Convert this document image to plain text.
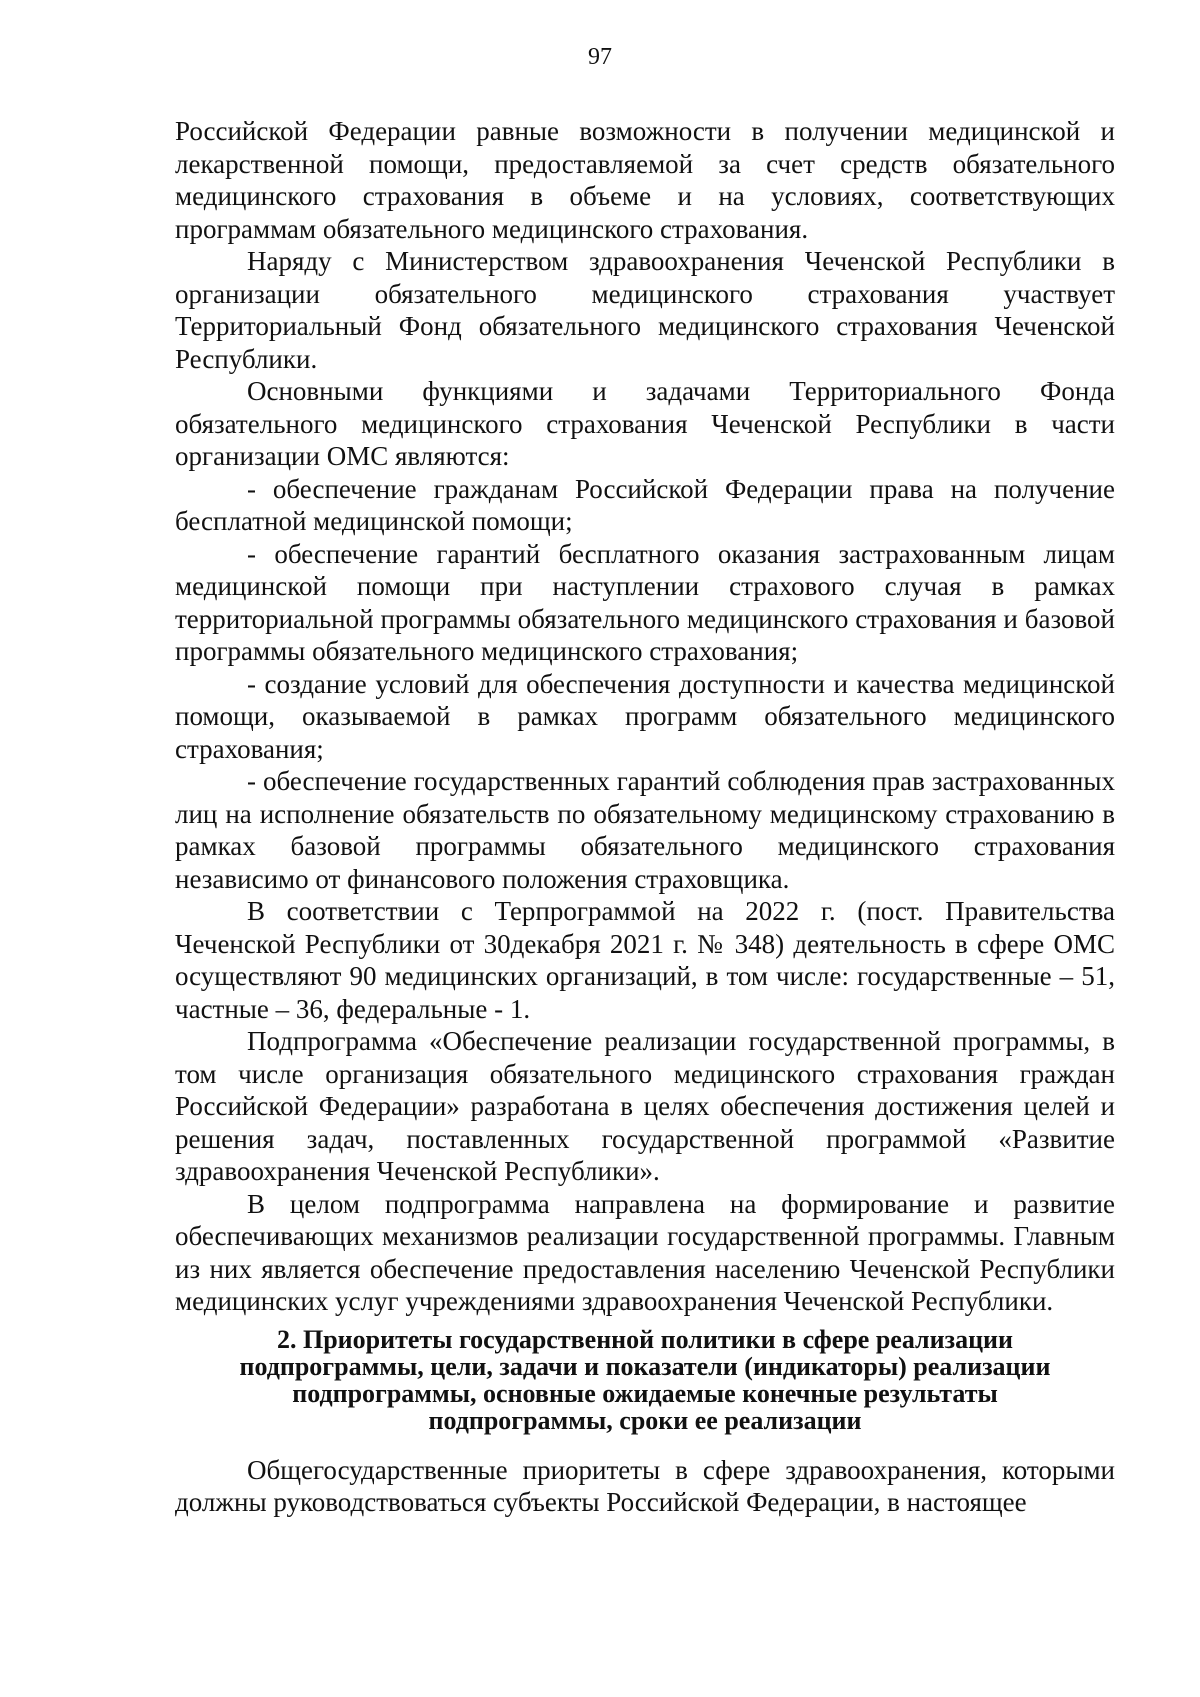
97

Российской Федерации равные возможности в получении медицинской и лекарственной помощи, предоставляемой за счет средств обязательного медицинского страхования в объеме и на условиях, соответствующих программам обязательного медицинского страхования.

Наряду с Министерством здравоохранения Чеченской Республики в организации обязательного медицинского страхования участвует Территориальный Фонд обязательного медицинского страхования Чеченской Республики.

Основными функциями и задачами Территориального Фонда обязательного медицинского страхования Чеченской Республики в части организации ОМС являются:

- обеспечение гражданам Российской Федерации права на получение бесплатной медицинской помощи;

- обеспечение гарантий бесплатного оказания застрахованным лицам медицинской помощи при наступлении страхового случая в рамках территориальной программы обязательного медицинского страхования и базовой программы обязательного медицинского страхования;

- создание условий для обеспечения доступности и качества медицинской помощи, оказываемой в рамках программ обязательного медицинского страхования;

- обеспечение государственных гарантий соблюдения прав застрахованных лиц на исполнение обязательств по обязательному медицинскому страхованию в рамках базовой программы обязательного медицинского страхования независимо от финансового положения страховщика.

В соответствии с Терпрограммой на 2022 г. (пост. Правительства Чеченской Республики от 30декабря 2021 г. № 348) деятельность в сфере ОМС осуществляют 90 медицинских организаций, в том числе: государственные – 51, частные – 36, федеральные - 1.

Подпрограмма «Обеспечение реализации государственной программы, в том числе организация обязательного медицинского страхования граждан Российской Федерации» разработана в целях обеспечения достижения целей и решения задач, поставленных государственной программой «Развитие здравоохранения Чеченской Республики».

В целом подпрограмма направлена на формирование и развитие обеспечивающих механизмов реализации государственной программы. Главным из них является обеспечение предоставления населению Чеченской Республики медицинских услуг учреждениями здравоохранения Чеченской Республики.

2. Приоритеты государственной политики в сфере реализации
подпрограммы, цели, задачи и показатели (индикаторы) реализации
подпрограммы, основные ожидаемые конечные результаты
подпрограммы, сроки ее реализации

Общегосударственные приоритеты в сфере здравоохранения, которыми должны руководствоваться субъекты Российской Федерации, в настоящее
